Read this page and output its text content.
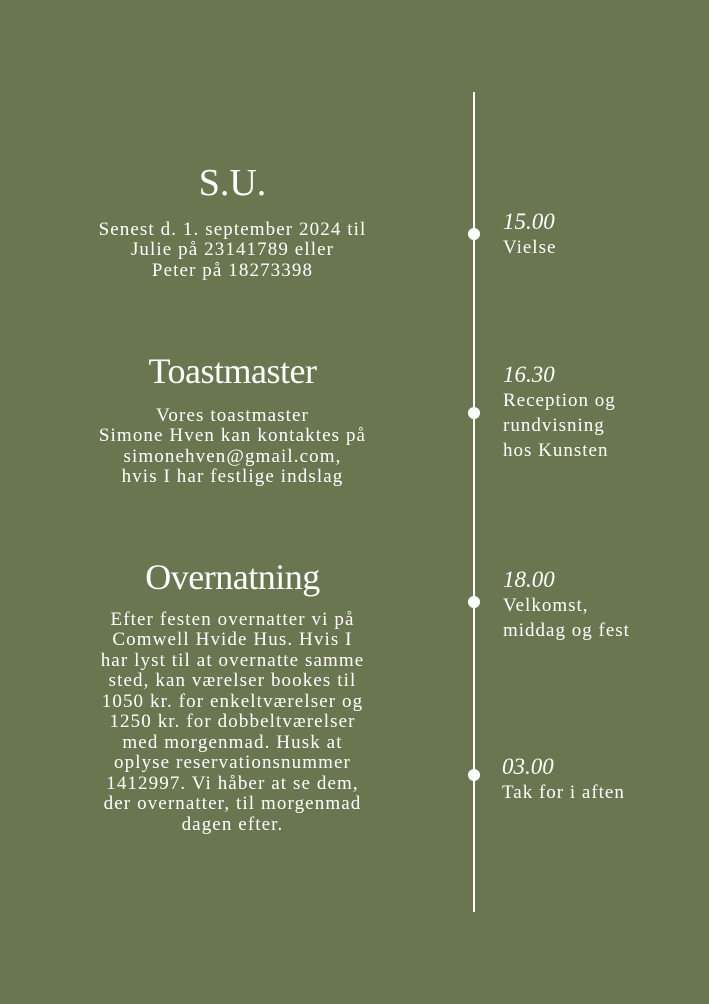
S.U.

Senest d. 1. september 2024 til
Julie på 23141789 eller
Peter på 18273398

Toastmaster

Vores toastmaster
Simone Hven kan kontaktes på
simonehven@gmail.com,
hvis I har festlige indslag

Overnatning

Efter festen overnatter vi på
Comwell Hvide Hus. Hvis I
har lyst til at overnatte samme
sted, kan værelser bookes til
1050 kr. for enkeltværelser og
1250 kr. for dobbeltværelser
med morgenmad. Husk at
oplyse reservationsnummer
1412997. Vi håber at se dem,
der overnatter, til morgenmad
dagen efter.

15.00
Vielse
16.30
Reception og
rundvisning
hos Kunsten
18.00
Velkomst,
middag og fest
03.00
Tak for i aften
